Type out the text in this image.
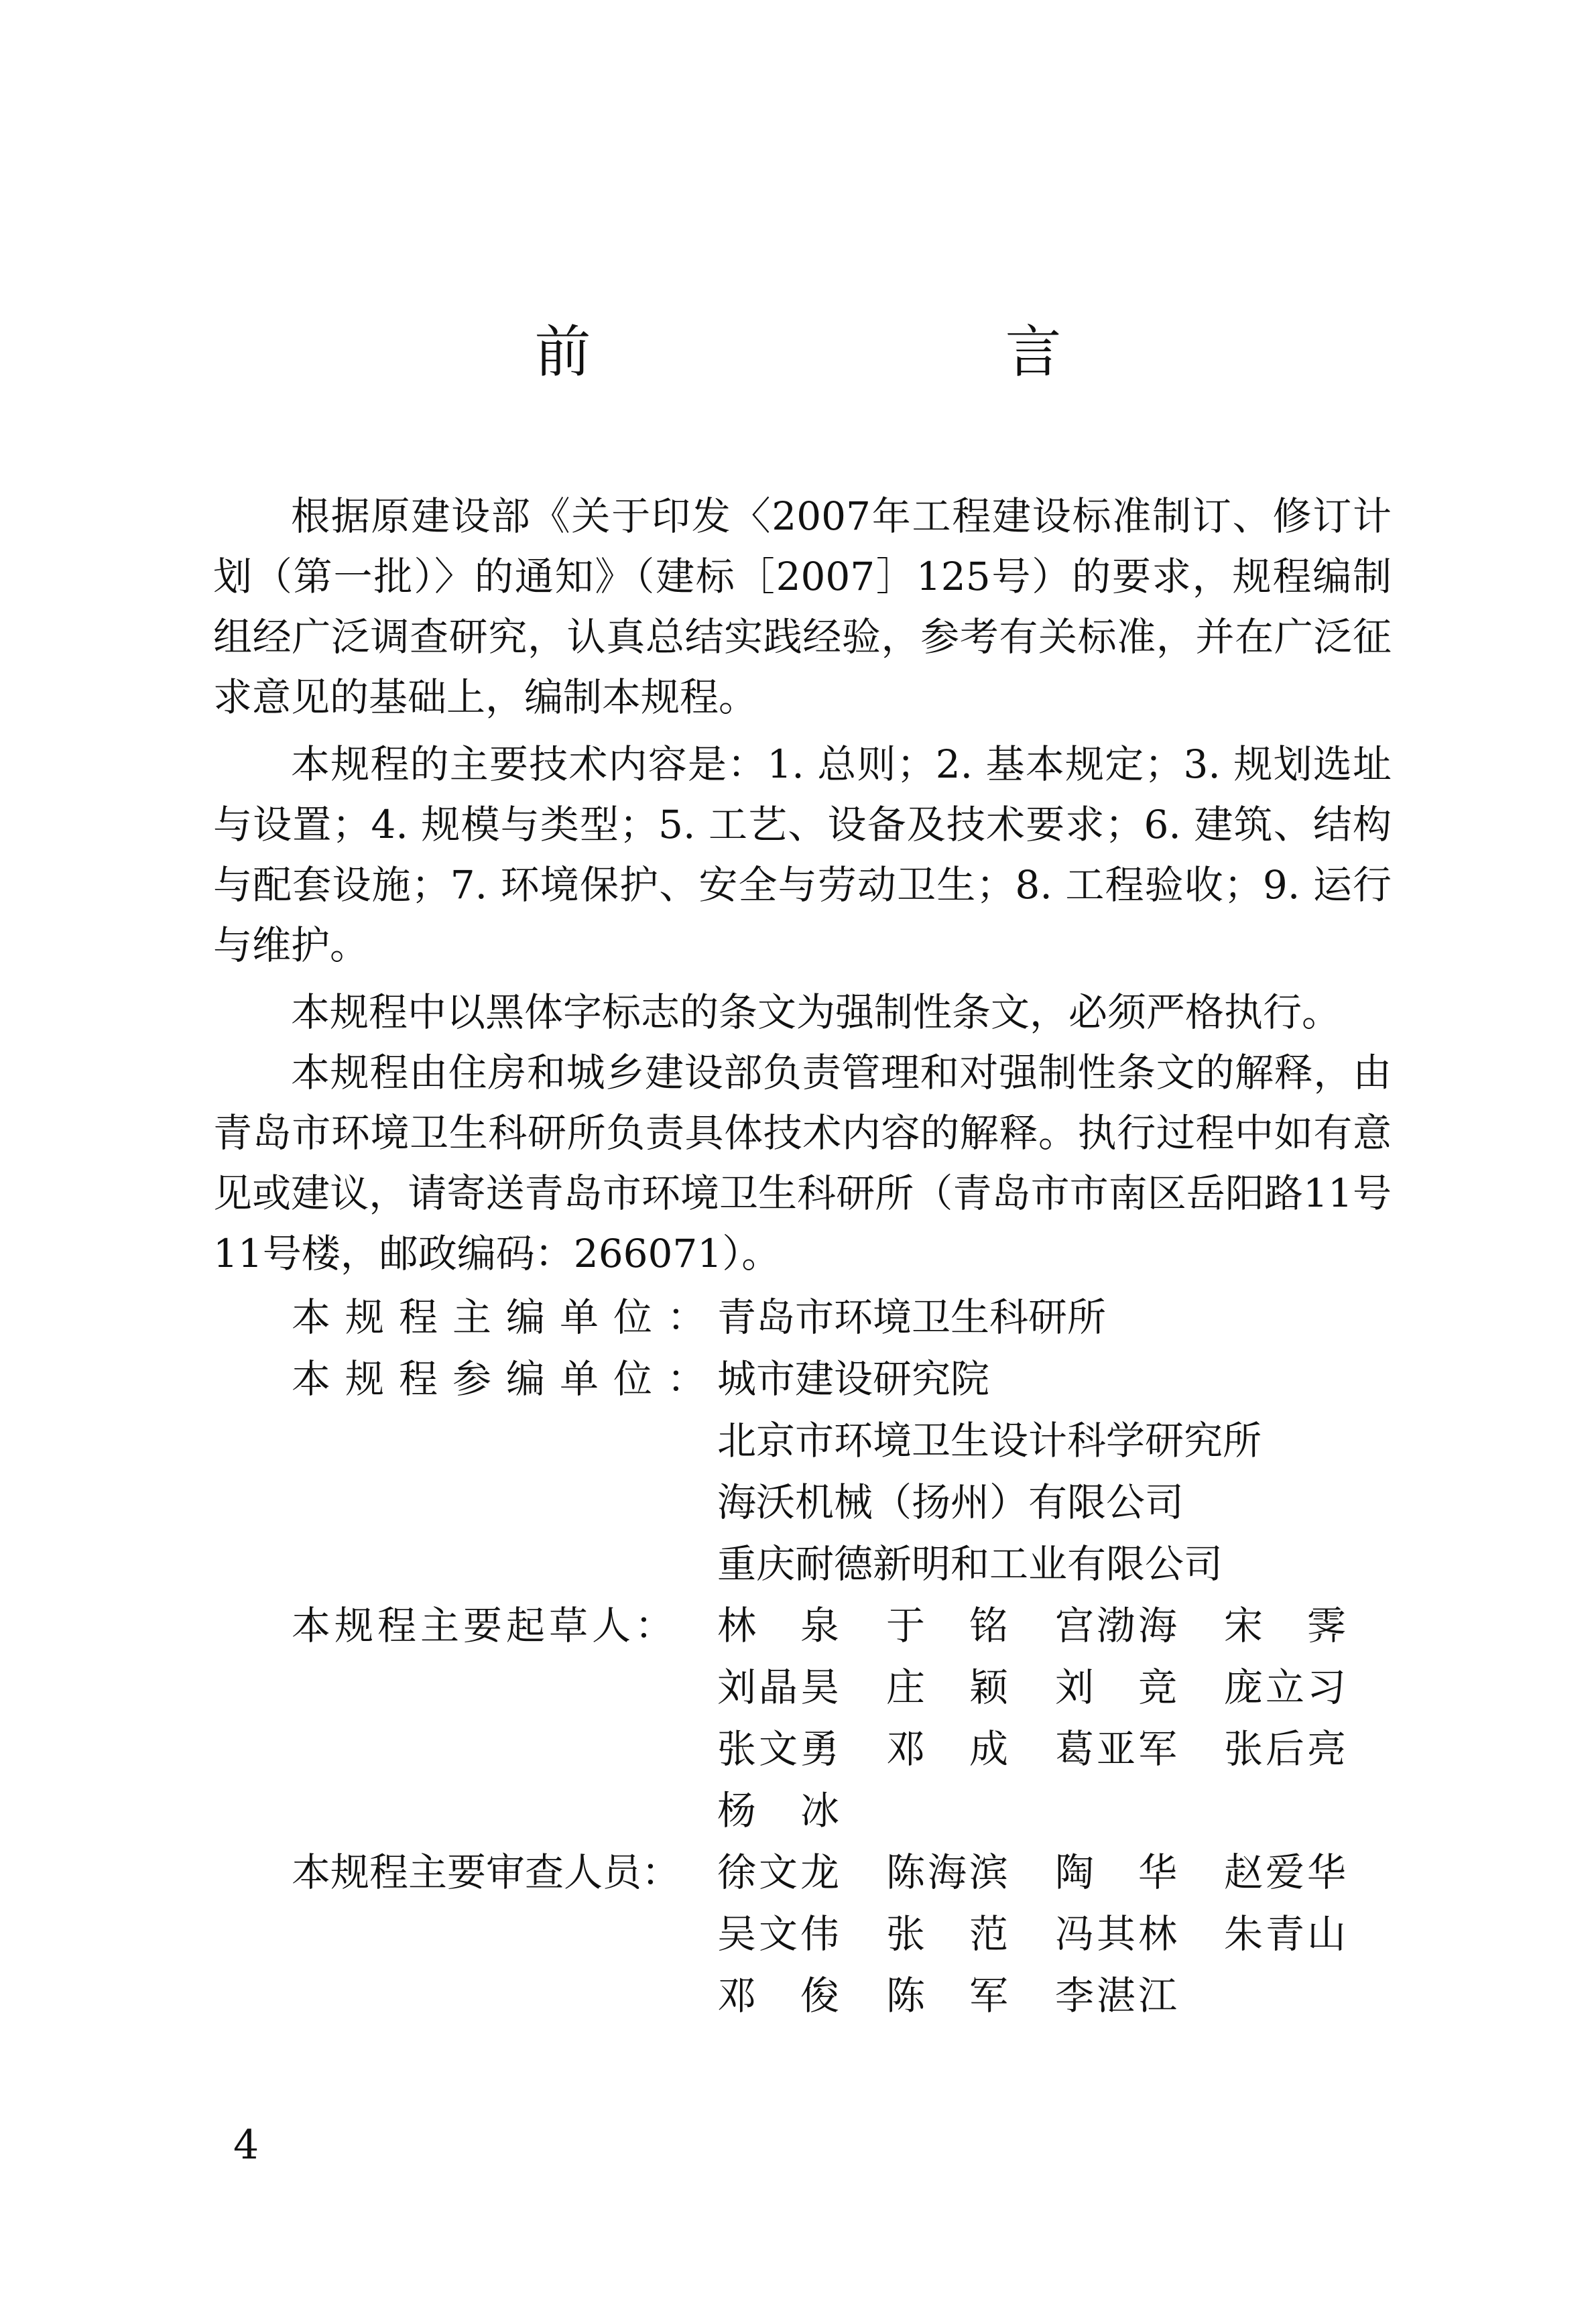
前　　言
根据原建设部《关于印发〈2007年工程建设标准制订、修订计划（第一批）〉的通知》（建标［2007］125号）的要求，规程编制组经广泛调查研究，认真总结实践经验，参考有关标准，并在广泛征求意见的基础上，编制本规程。
本规程的主要技术内容是：1. 总则；2. 基本规定；3. 规划选址与设置；4. 规模与类型；5. 工艺、设备及技术要求；6. 建筑、结构与配套设施；7. 环境保护、安全与劳动卫生；8. 工程验收；9. 运行与维护。
本规程中以黑体字标志的条文为强制性条文，必须严格执行。
本规程由住房和城乡建设部负责管理和对强制性条文的解释，由青岛市环境卫生科研所负责具体技术内容的解释。执行过程中如有意见或建议，请寄送青岛市环境卫生科研所（青岛市市南区岳阳路11号11号楼，邮政编码：266071）。
本规程主编单位：
青岛市环境卫生科研所
本规程参编单位：
城市建设研究院
北京市环境卫生设计科学研究所
海沃机械（扬州）有限公司
重庆耐德新明和工业有限公司
本规程主要起草人：	林　泉 于　铭 宫渤海 宋　霁
刘晶昊 庄　颖 刘　竞 庞立习
张文勇 邓　成 葛亚军 张后亮
杨　冰
本规程主要审查人员： 徐文龙 陈海滨 陶　华 赵爱华
吴文伟 张　范 冯其林 朱青山
邓　俊 陈　军 李湛江
4
